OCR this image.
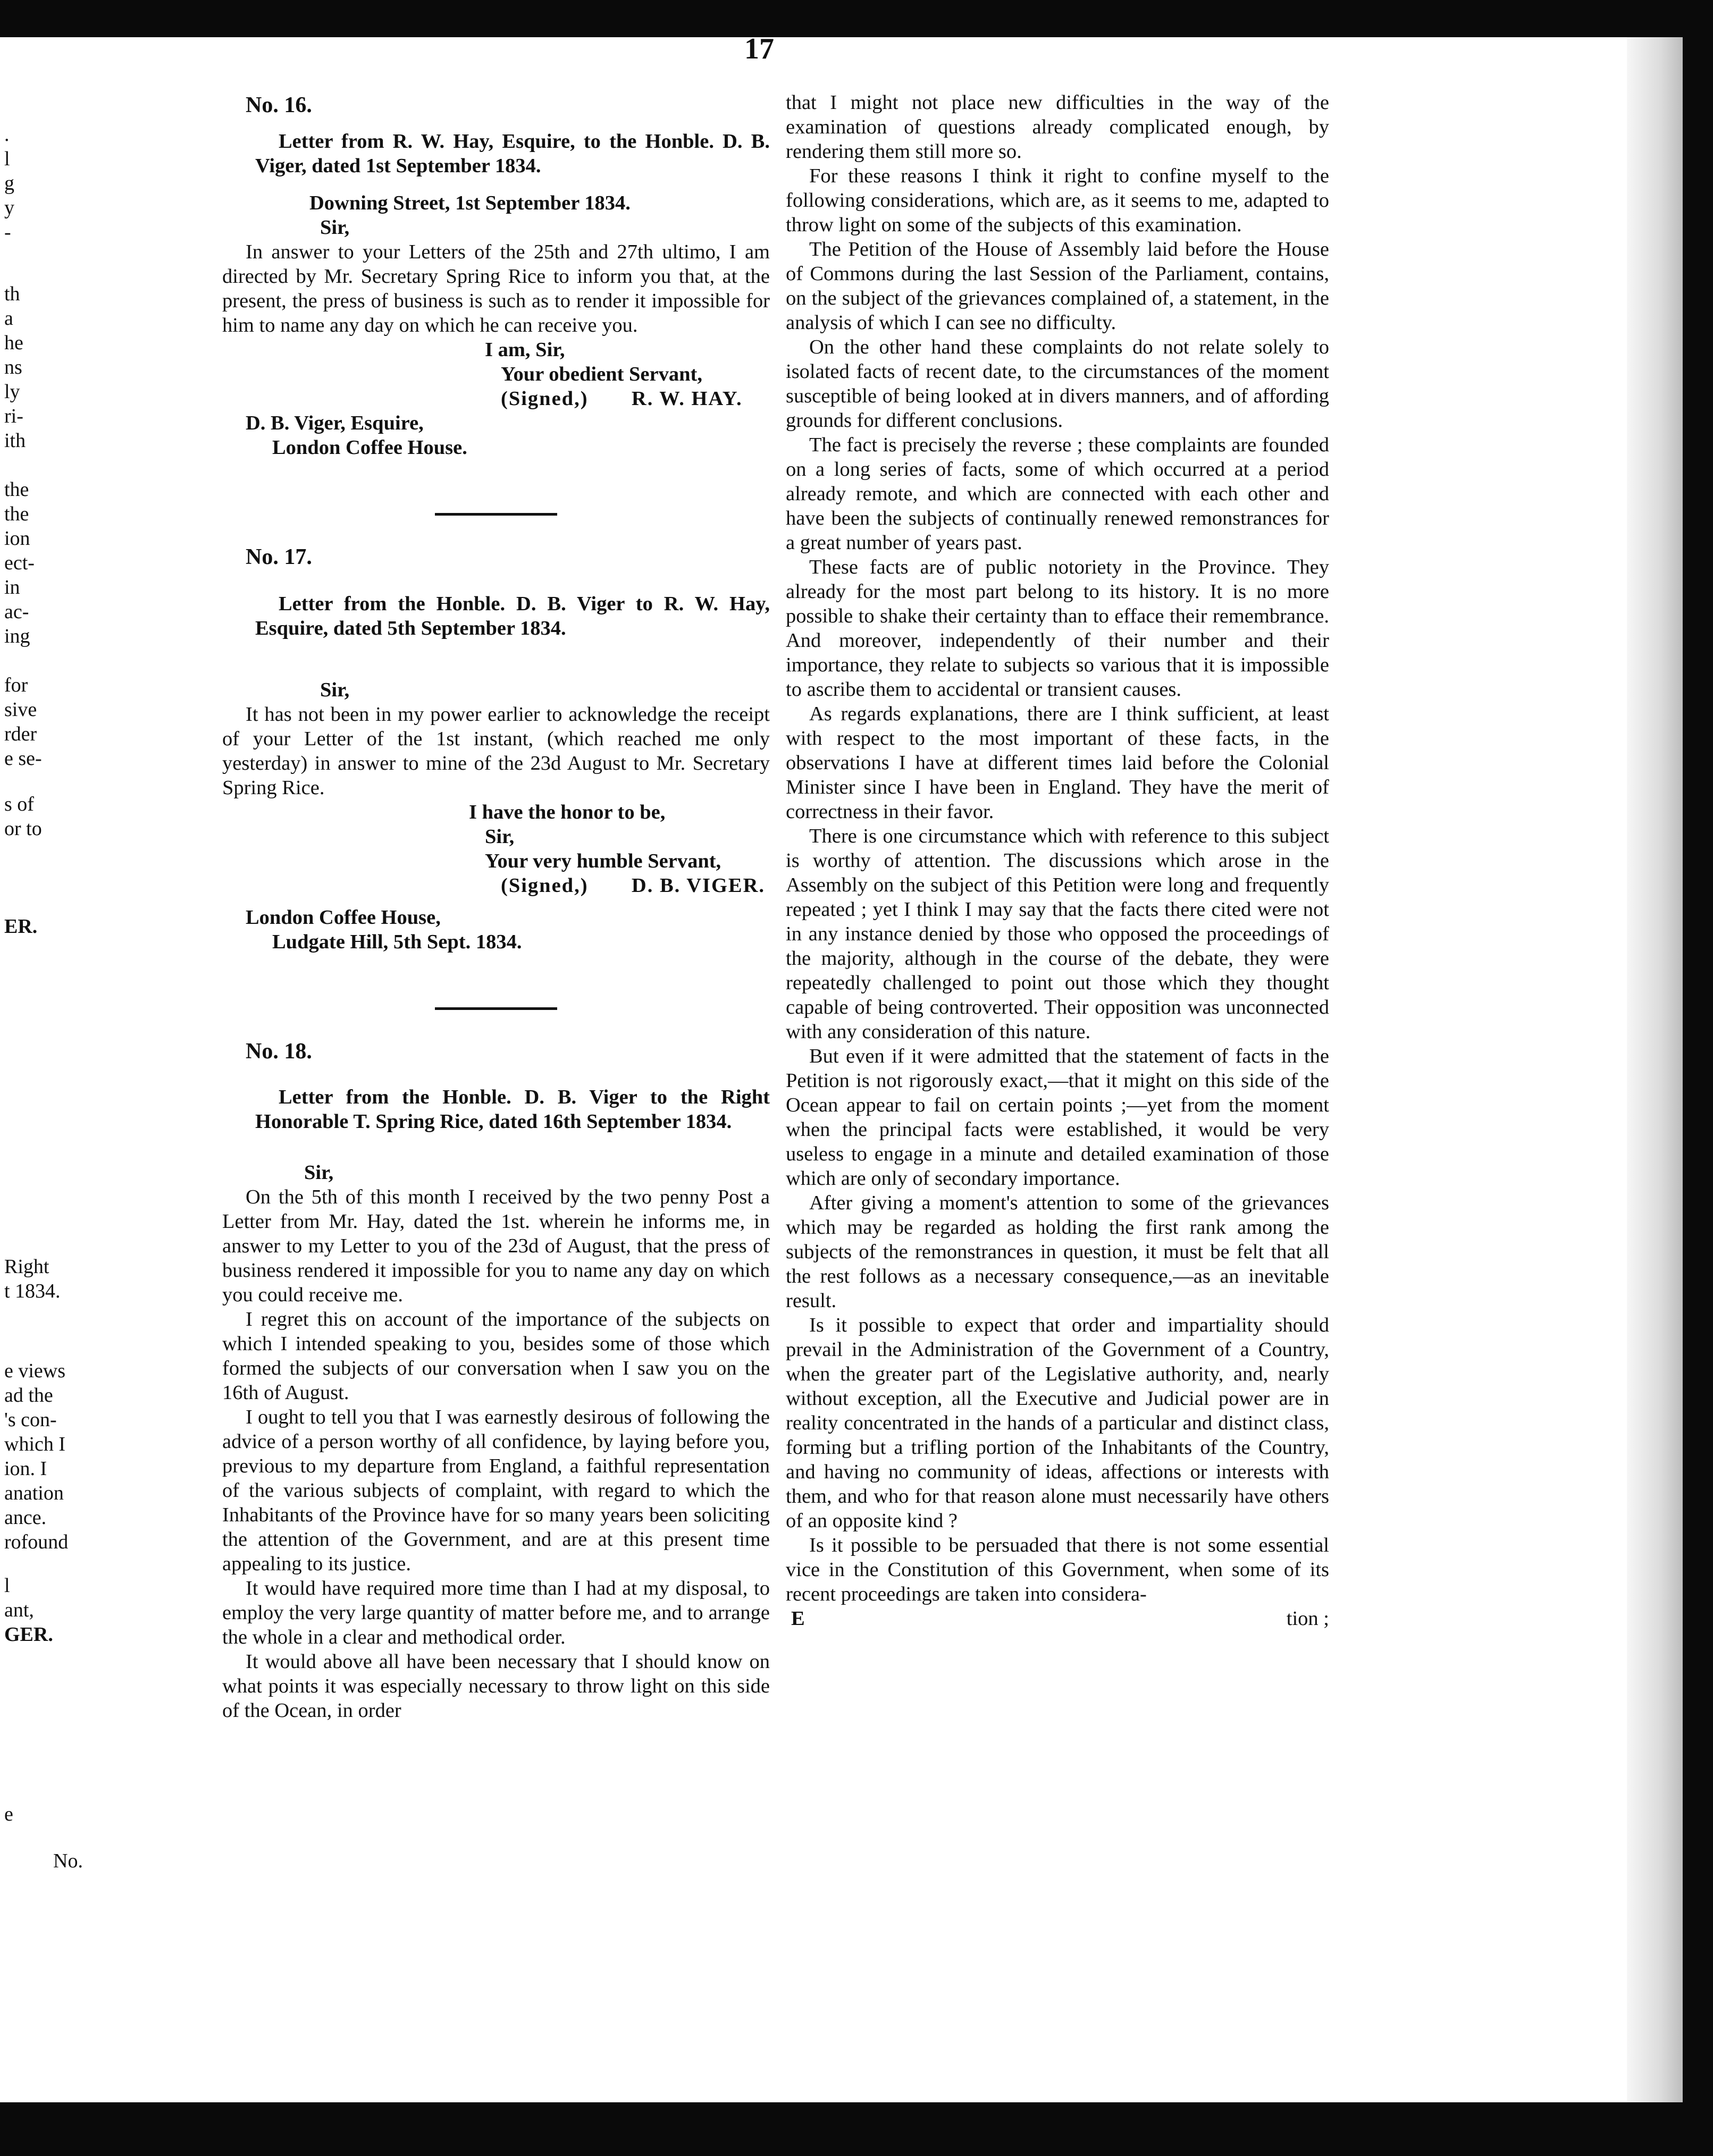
17
.
l
g
y
-
th
a
he
ns
ly
ri-
ith
the
the
ion
ect-
in
ac-
ing
for
sive
rder
e se-
s of
or to
ER.
Right
t 1834.
e views
ad the
's con-
which I
ion. I
anation
ance.
rofound
l
ant,
GER.
e
No.

No. 16.

Letter from R. W. Hay, Esquire, to the Honble. D. B. Viger, dated 1st September 1834.

Downing Street, 1st September 1834.

Sir,

In answer to your Letters of the 25th and 27th ultimo, I am directed by Mr. Secretary Spring Rice to inform you that, at the present, the press of business is such as to render it impossible for him to name any day on which he can receive you.

I am, Sir,

Your obedient Servant,

(Signed,)       R. W. HAY.

D. B. Viger, Esquire,

London Coffee House.

No. 17.

Letter from the Honble. D. B. Viger to R. W. Hay, Esquire, dated 5th September 1834.

Sir,

It has not been in my power earlier to acknowledge the receipt of your Letter of the 1st instant, (which reached me only yesterday) in answer to mine of the 23d August to Mr. Secretary Spring Rice.

I have the honor to be,

Sir,

Your very humble Servant,

(Signed,)       D. B. VIGER.

London Coffee House,

Ludgate Hill, 5th Sept. 1834.

No. 18.

Letter from the Honble. D. B. Viger to the Right Honorable T. Spring Rice, dated 16th September 1834.

Sir,

On the 5th of this month I received by the two penny Post a Letter from Mr. Hay, dated the 1st. wherein he informs me, in answer to my Letter to you of the 23d of August, that the press of business rendered it impossible for you to name any day on which you could receive me.

I regret this on account of the importance of the subjects on which I intended speaking to you, besides some of those which formed the subjects of our conversation when I saw you on the 16th of August.

I ought to tell you that I was earnestly desirous of following the advice of a person worthy of all confidence, by laying before you, previous to my departure from England, a faithful representation of the various subjects of complaint, with regard to which the Inhabitants of the Province have for so many years been soliciting the attention of the Government, and are at this present time appealing to its justice.

It would have required more time than I had at my disposal, to employ the very large quantity of matter before me, and to arrange the whole in a clear and methodical order.

It would above all have been necessary that I should know on what points it was especially necessary to throw light on this side of the Ocean, in order

that I might not place new difficulties in the way of the examination of questions already complicated enough, by rendering them still more so.

For these reasons I think it right to confine myself to the following considerations, which are, as it seems to me, adapted to throw light on some of the subjects of this examination.

The Petition of the House of Assembly laid before the House of Commons during the last Session of the Parliament, contains, on the subject of the grievances complained of, a statement, in the analysis of which I can see no difficulty.

On the other hand these complaints do not relate solely to isolated facts of recent date, to the circumstances of the moment susceptible of being looked at in divers manners, and of affording grounds for different conclusions.

The fact is precisely the reverse ; these complaints are founded on a long series of facts, some of which occurred at a period already remote, and which are connected with each other and have been the subjects of continually renewed remonstrances for a great number of years past.

These facts are of public notoriety in the Province. They already for the most part belong to its history. It is no more possible to shake their certainty than to efface their remembrance. And moreover, independently of their number and their importance, they relate to subjects so various that it is impossible to ascribe them to accidental or transient causes.

As regards explanations, there are I think sufficient, at least with respect to the most important of these facts, in the observations I have at different times laid before the Colonial Minister since I have been in England. They have the merit of correctness in their favor.

There is one circumstance which with reference to this subject is worthy of attention. The discussions which arose in the Assembly on the subject of this Petition were long and frequently repeated ; yet I think I may say that the facts there cited were not in any instance denied by those who opposed the proceedings of the majority, although in the course of the debate, they were repeatedly challenged to point out those which they thought capable of being controverted. Their opposition was unconnected with any consideration of this nature.

But even if it were admitted that the statement of facts in the Petition is not rigorously exact,—that it might on this side of the Ocean appear to fail on certain points ;—yet from the moment when the principal facts were established, it would be very useless to engage in a minute and detailed examination of those which are only of secondary importance.

After giving a moment's attention to some of the grievances which may be regarded as holding the first rank among the subjects of the remonstrances in question, it must be felt that all the rest follows as a necessary consequence,—as an inevitable result.

Is it possible to expect that order and impartiality should prevail in the Administration of the Government of a Country, when the greater part of the Legislative authority, and, nearly without exception, all the Executive and Judicial power are in reality concentrated in the hands of a particular and distinct class, forming but a trifling portion of the Inhabitants of the Country, and having no community of ideas, affections or interests with them, and who for that reason alone must necessarily have others of an opposite kind ?

Is it possible to be persuaded that there is not some essential vice in the Constitution of this Government, when some of its recent proceedings are taken into considera-

E	tion ;
